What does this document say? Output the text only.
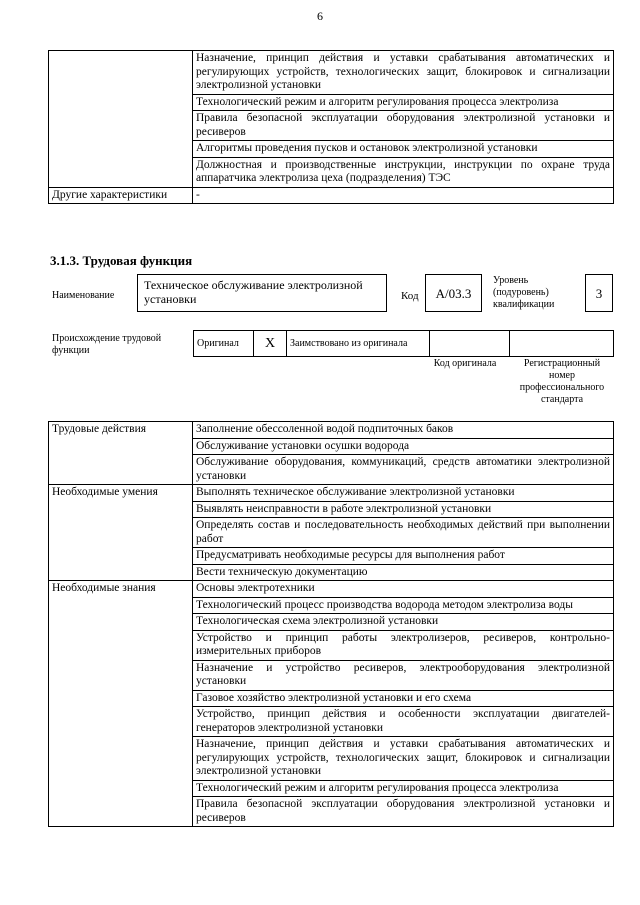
6
	Назначение, принцип действия и уставки срабатывания автоматических и регулирующих устройств, технологических защит, блокировок и сигнализации электролизной установки
	Технологический режим и алгоритм регулирования процесса электролиза
	Правила безопасной эксплуатации оборудования электролизной установки и ресиверов
	Алгоритмы проведения пусков и остановок электролизной установки
	Должностная и производственные инструкции, инструкции по охране труда аппаратчика электролиза цеха (подразделения) ТЭС
Другие характеристики	-
3.1.3. Трудовая функция
Наименование
Техническое обслуживание электролизной установки	Код	А/03.3
Уровень (подуровень) квалификации
3
Происхождение трудовой функции
Оригинал	X	Заимствовано из оригинала		
Код оригинала	Регистрационный номер профессионального стандарта
Трудовые действия	Заполнение обессоленной водой подпиточных баков
	Обслуживание установки осушки водорода
	Обслуживание оборудования, коммуникаций, средств автоматики электролизной установки
Необходимые умения	Выполнять техническое обслуживание электролизной установки
	Выявлять неисправности в работе электролизной установки
	Определять состав и последовательность необходимых действий при выполнении работ
	Предусматривать необходимые ресурсы для выполнения работ
	Вести техническую документацию
Необходимые знания	Основы электротехники
	Технологический процесс производства водорода методом электролиза воды
	Технологическая схема электролизной установки
	Устройство и принцип работы электролизеров, ресиверов, контрольно-измерительных приборов
	Назначение и устройство ресиверов, электрооборудования электролизной установки
	Газовое хозяйство электролизной установки и его схема
	Устройство, принцип действия и особенности эксплуатации двигателей-генераторов электролизной установки
	Назначение, принцип действия и уставки срабатывания автоматических и регулирующих устройств, технологических защит, блокировок и сигнализации электролизной установки
	Технологический режим и алгоритм регулирования процесса электролиза
	Правила безопасной эксплуатации оборудования электролизной установки и ресиверов
